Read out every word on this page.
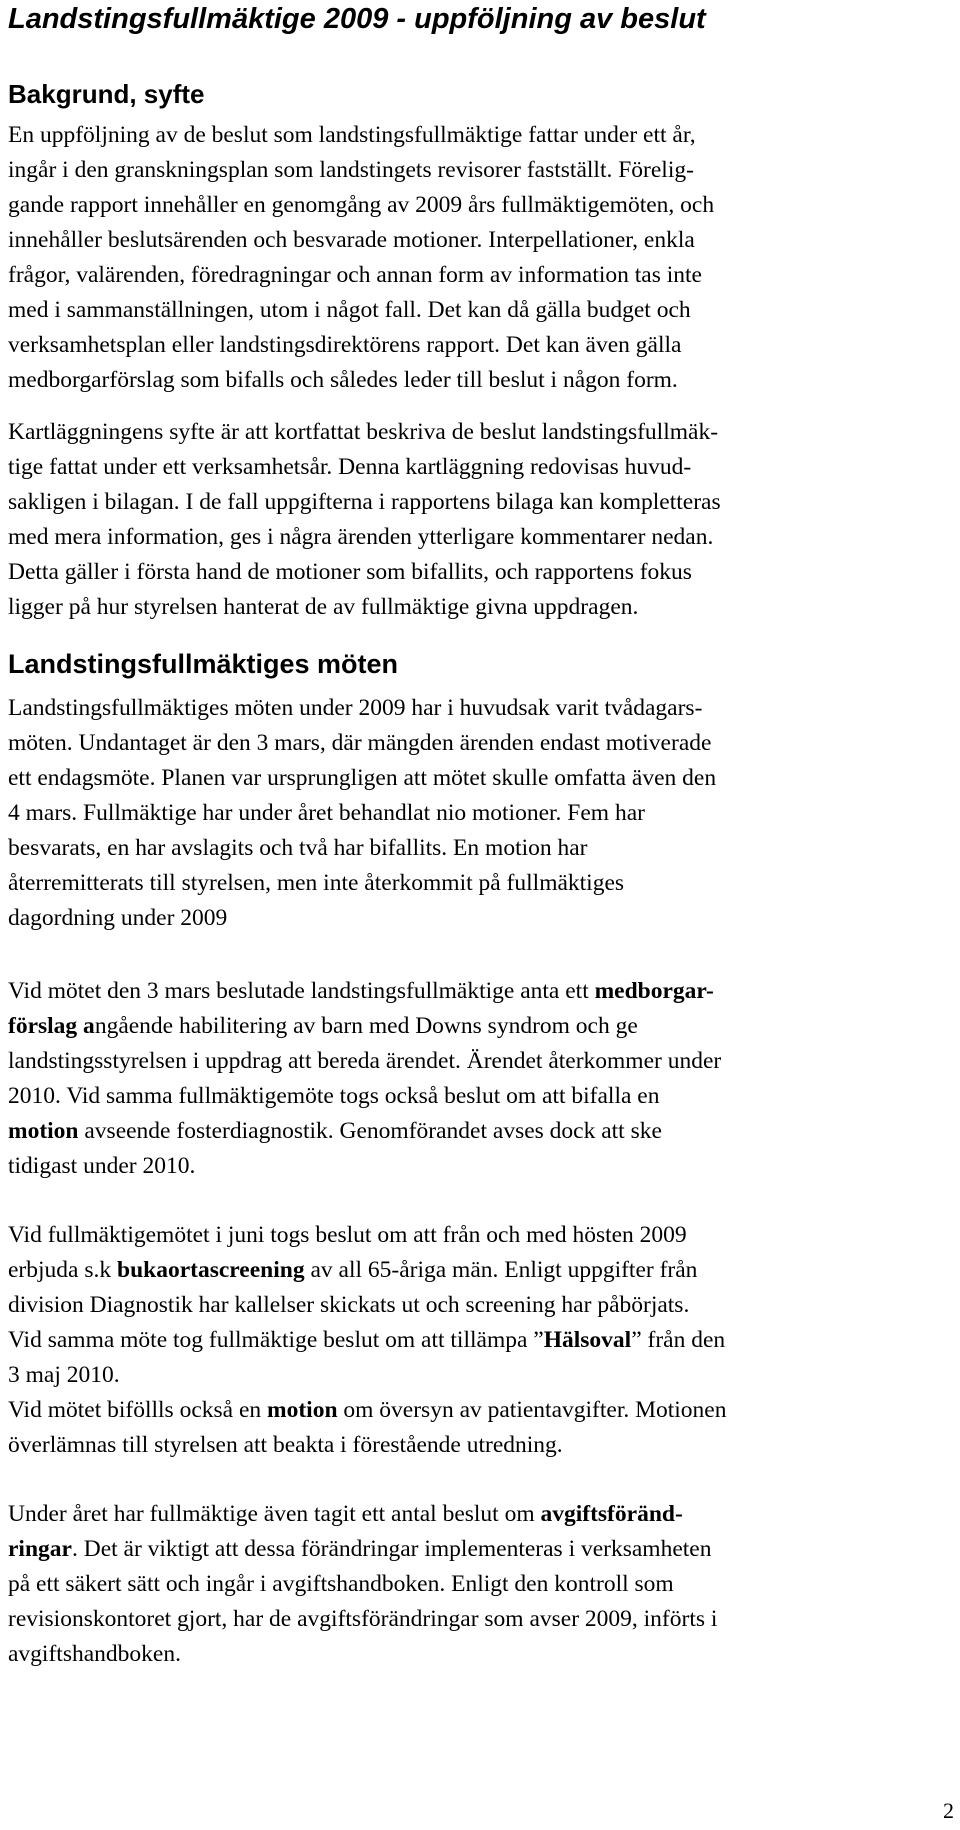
Landstingsfullmäktige 2009 - uppföljning av beslut
Bakgrund, syfte

En uppföljning av de beslut som landstingsfullmäktige fattar under ett år,
ingår i den granskningsplan som landstingets revisorer fastställt. Förelig-
gande rapport innehåller en genomgång av 2009 års fullmäktigemöten, och
innehåller beslutsärenden och besvarade motioner. Interpellationer, enkla
frågor, valärenden, föredragningar och annan form av information tas inte
med i sammanställningen, utom i något fall. Det kan då gälla budget och
verksamhetsplan eller landstingsdirektörens rapport. Det kan även gälla
medborgarförslag som bifalls och således leder till beslut i någon form.

Kartläggningens syfte är att kortfattat beskriva de beslut landstingsfullmäk-
tige fattat under ett verksamhetsår. Denna kartläggning redovisas huvud-
sakligen i bilagan. I de fall uppgifterna i rapportens bilaga kan kompletteras
med mera information, ges i några ärenden ytterligare kommentarer nedan.
Detta gäller i första hand de motioner som bifallits, och rapportens fokus
ligger på hur styrelsen hanterat de av fullmäktige givna uppdragen.

Landstingsfullmäktiges möten

Landstingsfullmäktiges möten under 2009 har i huvudsak varit tvådagars-
möten. Undantaget är den 3 mars, där mängden ärenden endast motiverade
ett endagsmöte. Planen var ursprungligen att mötet skulle omfatta även den
4 mars. Fullmäktige har under året behandlat nio motioner. Fem har
besvarats, en har avslagits och två har bifallits. En motion har
återremitterats till styrelsen, men inte återkommit på fullmäktiges
dagordning under 2009

Vid mötet den 3 mars beslutade landstingsfullmäktige anta ett medborgar-
förslag angående habilitering av barn med Downs syndrom och ge
landstingsstyrelsen i uppdrag att bereda ärendet. Ärendet återkommer under
2010. Vid samma fullmäktigemöte togs också beslut om att bifalla en
motion avseende fosterdiagnostik. Genomförandet avses dock att ske
tidigast under 2010.

Vid fullmäktigemötet i juni togs beslut om att från och med hösten 2009
erbjuda s.k bukaortascreening av all 65-åriga män. Enligt uppgifter från
division Diagnostik har kallelser skickats ut och screening har påbörjats.
Vid samma möte tog fullmäktige beslut om att tillämpa ”Hälsoval” från den
3 maj 2010.
Vid mötet biföllls också en motion om översyn av patientavgifter. Motionen
överlämnas till styrelsen att beakta i förestående utredning.

Under året har fullmäktige även tagit ett antal beslut om avgiftsföränd-
ringar. Det är viktigt att dessa förändringar implementeras i verksamheten
på ett säkert sätt och ingår i avgiftshandboken. Enligt den kontroll som
revisionskontoret gjort, har de avgiftsförändringar som avser 2009, införts i
avgiftshandboken.

2
